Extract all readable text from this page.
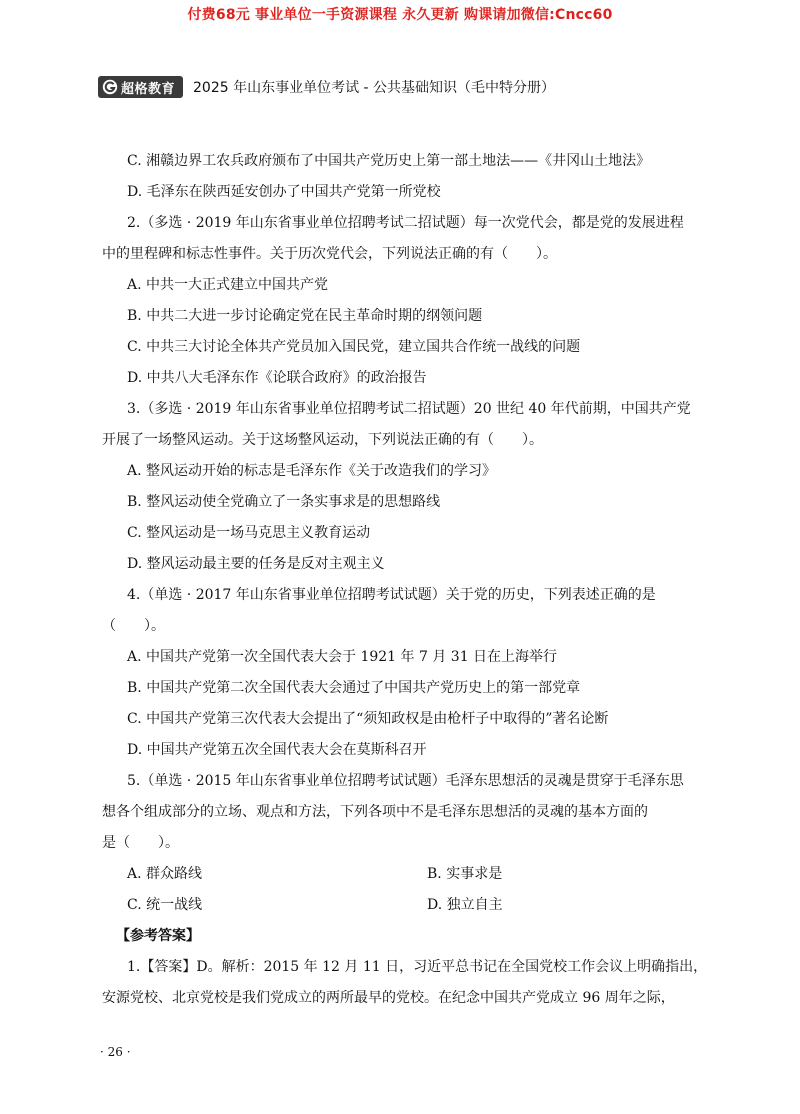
付费68元 事业单位一手资源课程 永久更新 购课请加微信:Cncc60
超格教育 2025 年山东事业单位考试 - 公共基础知识（毛中特分册）
C. 湘赣边界工农兵政府颁布了中国共产党历史上第一部土地法——《井冈山土地法》
D. 毛泽东在陕西延安创办了中国共产党第一所党校
2.（多选 · 2019 年山东省事业单位招聘考试二招试题）每一次党代会，都是党的发展进程
中的里程碑和标志性事件。关于历次党代会，下列说法正确的有（　　）。
A. 中共一大正式建立中国共产党
B. 中共二大进一步讨论确定党在民主革命时期的纲领问题
C. 中共三大讨论全体共产党员加入国民党，建立国共合作统一战线的问题
D. 中共八大毛泽东作《论联合政府》的政治报告
3.（多选 · 2019 年山东省事业单位招聘考试二招试题）20 世纪 40 年代前期，中国共产党
开展了一场整风运动。关于这场整风运动，下列说法正确的有（　　）。
A. 整风运动开始的标志是毛泽东作《关于改造我们的学习》
B. 整风运动使全党确立了一条实事求是的思想路线
C. 整风运动是一场马克思主义教育运动
D. 整风运动最主要的任务是反对主观主义
4.（单选 · 2017 年山东省事业单位招聘考试试题）关于党的历史，下列表述正确的是
（　　）。
A. 中国共产党第一次全国代表大会于 1921 年 7 月 31 日在上海举行
B. 中国共产党第二次全国代表大会通过了中国共产党历史上的第一部党章
C. 中国共产党第三次代表大会提出了“须知政权是由枪杆子中取得的”著名论断
D. 中国共产党第五次全国代表大会在莫斯科召开
5.（单选 · 2015 年山东省事业单位招聘考试试题）毛泽东思想活的灵魂是贯穿于毛泽东思
想各个组成部分的立场、观点和方法，下列各项中不是毛泽东思想活的灵魂的基本方面的
是（　　）。
A. 群众路线	B. 实事求是
C. 统一战线	D. 独立自主
【参考答案】
1.【答案】D。解析：2015 年 12 月 11 日，习近平总书记在全国党校工作会议上明确指出，
安源党校、北京党校是我们党成立的两所最早的党校。在纪念中国共产党成立 96 周年之际，
· 26 ·
